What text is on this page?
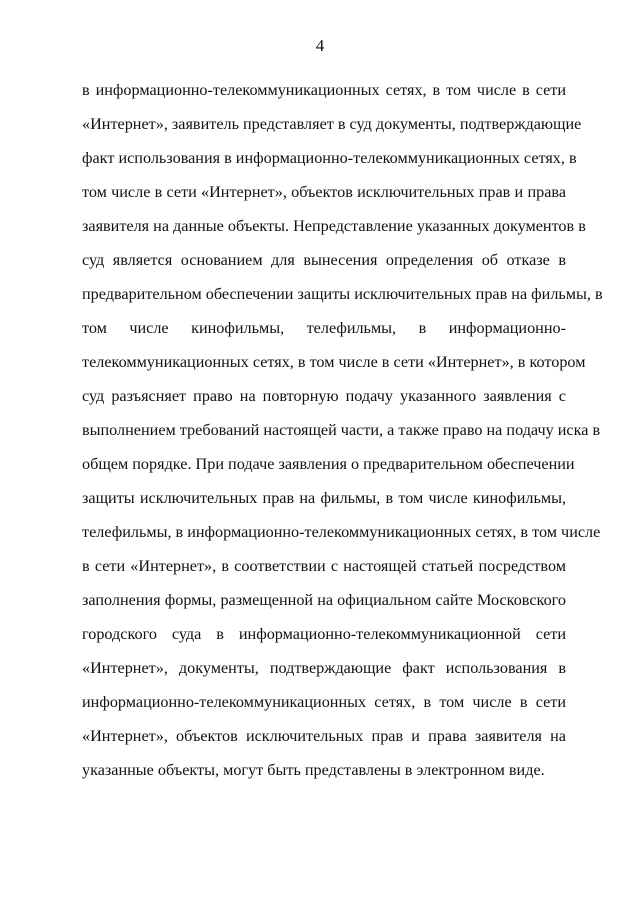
4
в информационно-телекоммуникационных сетях, в том числе в сети
«Интернет», заявитель представляет в суд документы, подтверждающие
факт использования в информационно-телекоммуникационных сетях, в
том числе в сети «Интернет», объектов исключительных прав и права
заявителя на данные объекты. Непредставление указанных документов в
суд является основанием для вынесения определения об отказе в
предварительном обеспечении защиты исключительных прав на фильмы, в
том числе кинофильмы, телефильмы, в информационно-
телекоммуникационных сетях, в том числе в сети «Интернет», в котором
суд разъясняет право на повторную подачу указанного заявления с
выполнением требований настоящей части, а также право на подачу иска в
общем порядке. При подаче заявления о предварительном обеспечении
защиты исключительных прав на фильмы, в том числе кинофильмы,
телефильмы, в информационно-телекоммуникационных сетях, в том числе
в сети «Интернет», в соответствии с настоящей статьей посредством
заполнения формы, размещенной на официальном сайте Московского
городского суда в информационно-телекоммуникационной сети
«Интернет», документы, подтверждающие факт использования в
информационно-телекоммуникационных сетях, в том числе в сети
«Интернет», объектов исключительных прав и права заявителя на
указанные объекты, могут быть представлены в электронном виде.
